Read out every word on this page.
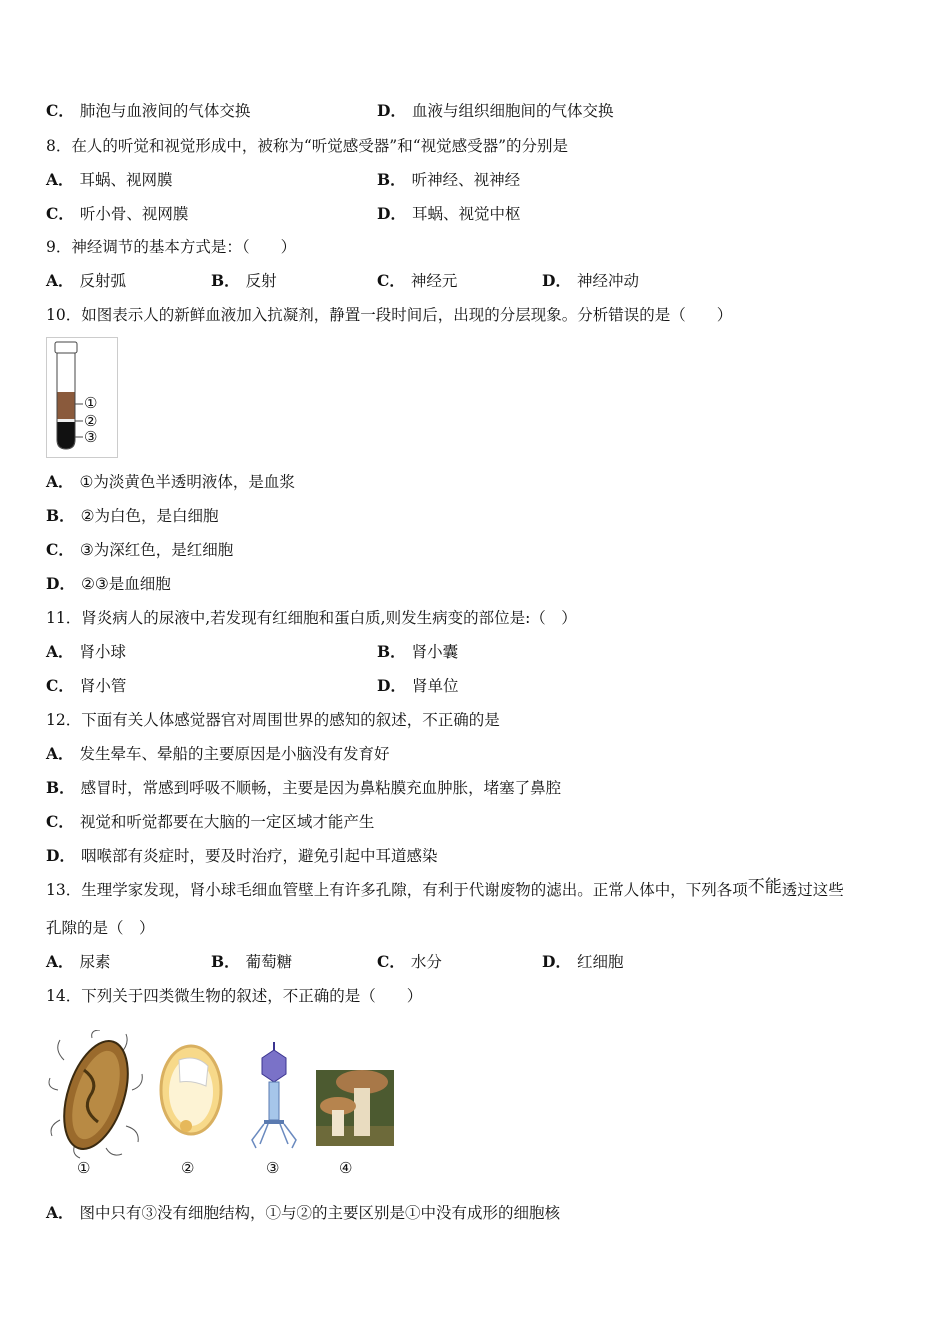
C． 肺泡与血液间的气体交换	D． 血液与组织细胞间的气体交换
8．在人的听觉和视觉形成中，被称为“听觉感受器”和“视觉感受器”的分别是
A． 耳蜗、视网膜	B． 听神经、视神经
C． 听小骨、视网膜	D． 耳蜗、视觉中枢
9．神经调节的基本方式是：（　　）
A． 反射弧	B． 反射	C． 神经元	D． 神经冲动
10．如图表示人的新鲜血液加入抗凝剂，静置一段时间后，出现的分层现象。分析错误的是（　　）
①
②
③
A． ①为淡黄色半透明液体，是血浆
B． ②为白色，是白细胞
C． ③为深红色，是红细胞
D． ②③是血细胞
11．肾炎病人的尿液中,若发现有红细胞和蛋白质,则发生病变的部位是:（　）
A． 肾小球	B． 肾小囊
C． 肾小管	D． 肾单位
12．下面有关人体感觉器官对周围世界的感知的叙述，不正确的是
A． 发生晕车、晕船的主要原因是小脑没有发育好
B． 感冒时，常感到呼吸不顺畅，主要是因为鼻粘膜充血肿胀，堵塞了鼻腔
C． 视觉和听觉都要在大脑的一定区域才能产生
D． 咽喉部有炎症时，要及时治疗，避免引起中耳道感染
13．生理学家发现，肾小球毛细血管壁上有许多孔隙，有利于代谢废物的滤出。正常人体中，下列各项不能透过这些
孔隙的是（　）
A． 尿素	B． 葡萄糖	C． 水分	D． 红细胞
14．下列关于四类微生物的叙述，不正确的是（　　）
①	②	③	④
A． 图中只有③没有细胞结构，①与②的主要区别是①中没有成形的细胞核
